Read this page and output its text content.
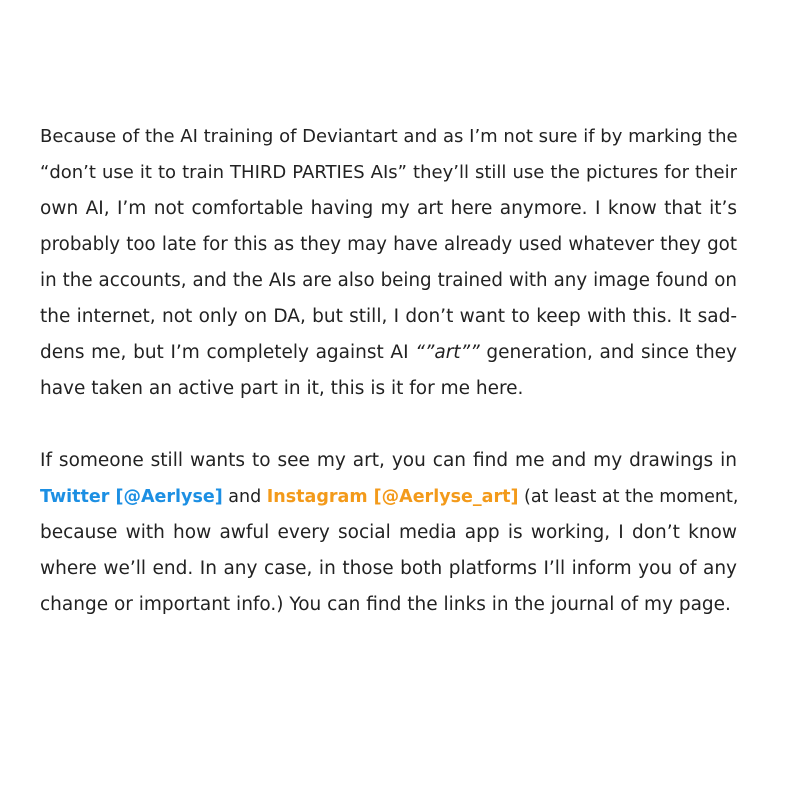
Because of the AI training of Deviantart and as I’m not sure if by marking the
“don’t use it to train THIRD PARTIES AIs” they’ll still use the pictures for their
own AI, I’m not comfortable having my art here anymore. I know that it’s
probably too late for this as they may have already used whatever they got
in the accounts, and the AIs are also being trained with any image found on
the internet, not only on DA, but still, I don’t want to keep with this. It sad-
dens me, but I’m completely against AI “”art”” generation, and since they
have taken an active part in it, this is it for me here.
If someone still wants to see my art, you can find me and my drawings in
Twitter [@Aerlyse] and Instagram [@Aerlyse_art] (at least at the moment,
because with how awful every social media app is working, I don’t know
where we’ll end. In any case, in those both platforms I’ll inform you of any
change or important info.) You can find the links in the journal of my page.
